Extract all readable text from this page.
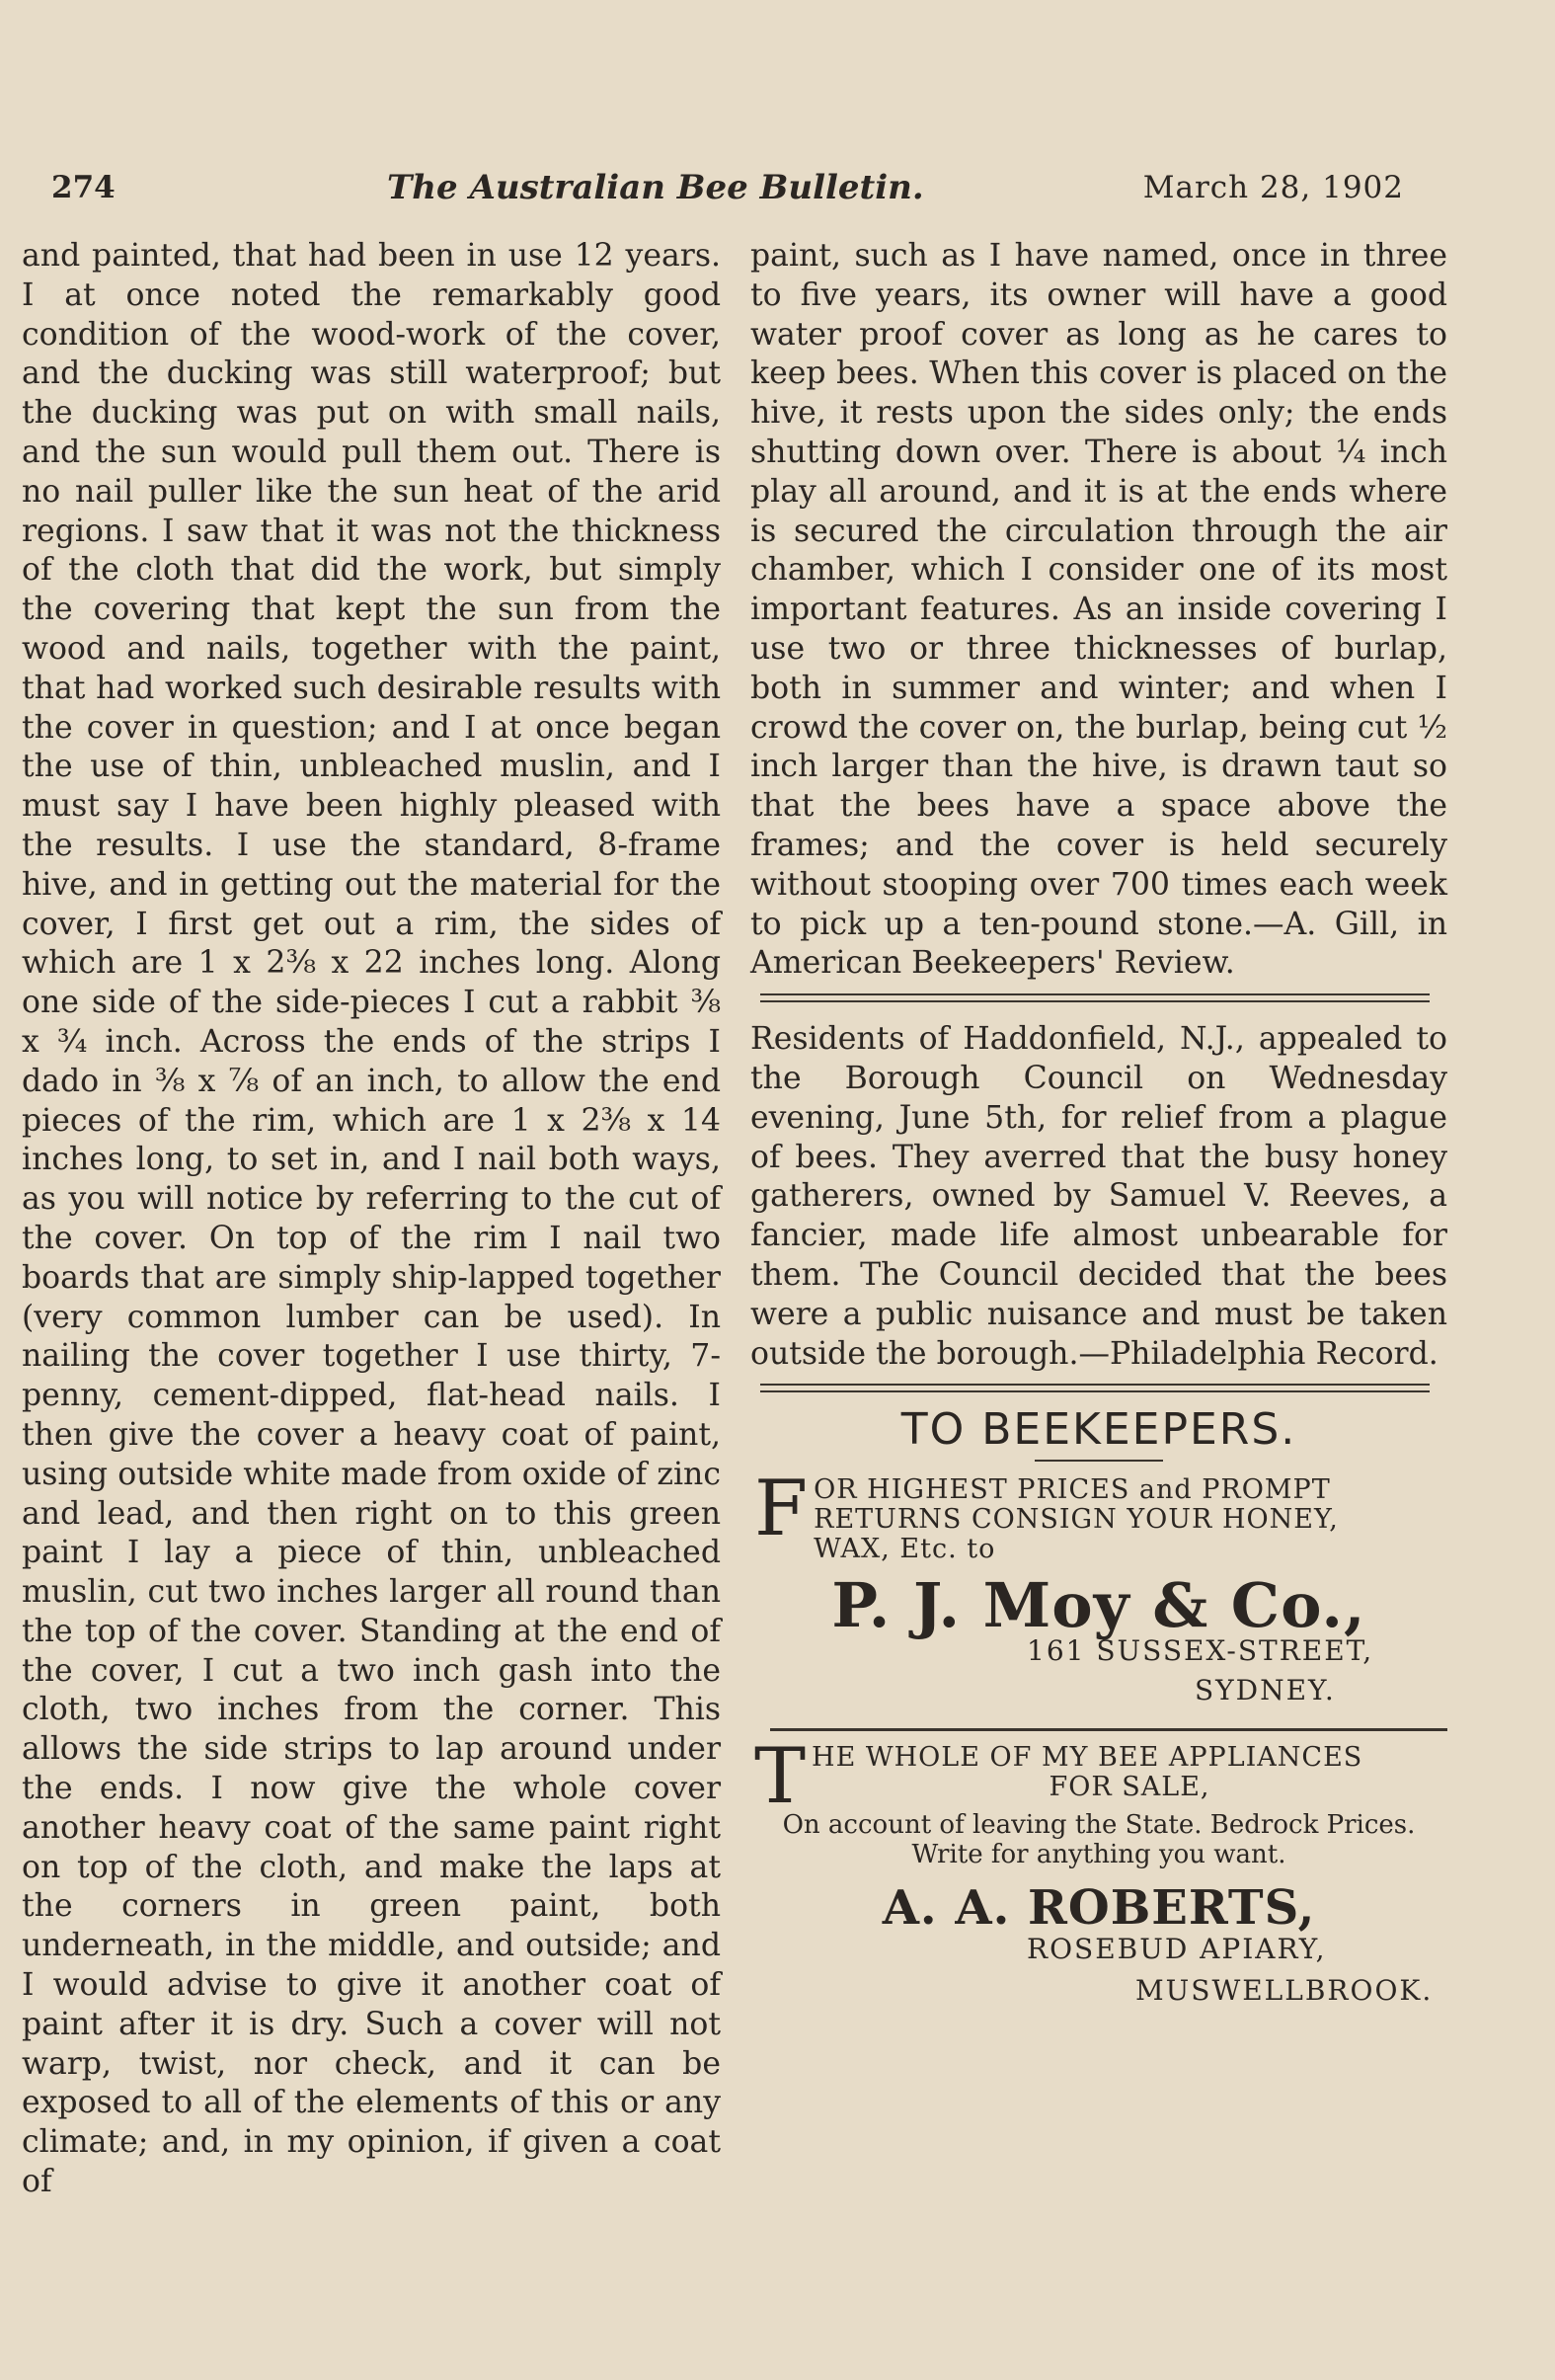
274	The Australian Bee Bulletin.	March 28, 1902

and painted, that had been in use 12 years. I at once noted the remarkably good condition of the wood-work of the cover, and the ducking was still waterproof; but the ducking was put on with small nails, and the sun would pull them out. There is no nail puller like the sun heat of the arid regions. I saw that it was not the thickness of the cloth that did the work, but simply the covering that kept the sun from the wood and nails, together with the paint, that had worked such desirable results with the cover in question; and I at once began the use of thin, unbleached muslin, and I must say I have been highly pleased with the results. I use the standard, 8-frame hive, and in getting out the material for the cover, I first get out a rim, the sides of which are 1 x 2⅜ x 22 inches long. Along one side of the side-pieces I cut a rabbit ⅜ x ¾ inch. Across the ends of the strips I dado in ⅜ x ⅞ of an inch, to allow the end pieces of the rim, which are 1 x 2⅜ x 14 inches long, to set in, and I nail both ways, as you will notice by referring to the cut of the cover. On top of the rim I nail two boards that are simply ship-lapped together (very common lumber can be used). In nailing the cover together I use thirty, 7-penny, cement-dipped, flat-head nails. I then give the cover a heavy coat of paint, using outside white made from oxide of zinc and lead, and then right on to this green paint I lay a piece of thin, unbleached muslin, cut two inches larger all round than the top of the cover. Standing at the end of the cover, I cut a two inch gash into the cloth, two inches from the corner. This allows the side strips to lap around under the ends. I now give the whole cover another heavy coat of the same paint right on top of the cloth, and make the laps at the corners in green paint, both underneath, in the middle, and outside; and I would advise to give it another coat of paint after it is dry. Such a cover will not warp, twist, nor check, and it can be exposed to all of the elements of this or any climate; and, in my opinion, if given a coat of

paint, such as I have named, once in three to five years, its owner will have a good water proof cover as long as he cares to keep bees. When this cover is placed on the hive, it rests upon the sides only; the ends shutting down over. There is about ¼ inch play all around, and it is at the ends where is secured the circulation through the air chamber, which I consider one of its most important features. As an inside covering I use two or three thicknesses of burlap, both in summer and winter; and when I crowd the cover on, the burlap, being cut ½ inch larger than the hive, is drawn taut so that the bees have a space above the frames; and the cover is held securely without stooping over 700 times each week to pick up a ten-pound stone.—A. Gill, in American Beekeepers' Review.

Residents of Haddonfield, N.J., appealed to the Borough Council on Wednesday evening, June 5th, for relief from a plague of bees. They averred that the busy honey gatherers, owned by Samuel V. Reeves, a fancier, made life almost unbearable for them. The Council decided that the bees were a public nuisance and must be taken outside the borough.—Philadelphia Record.

TO BEEKEEPERS.
F OR HIGHEST PRICES and PROMPT
RETURNS CONSIGN YOUR HONEY,
WAX, Etc. to
P. J. Moy & Co.,
161 SUSSEX-STREET,
SYDNEY.
T HE WHOLE OF MY BEE APPLIANCES
FOR SALE,
On account of leaving the State. Bedrock Prices.
Write for anything you want.
A. A. ROBERTS,
ROSEBUD APIARY,
MUSWELLBROOK.
